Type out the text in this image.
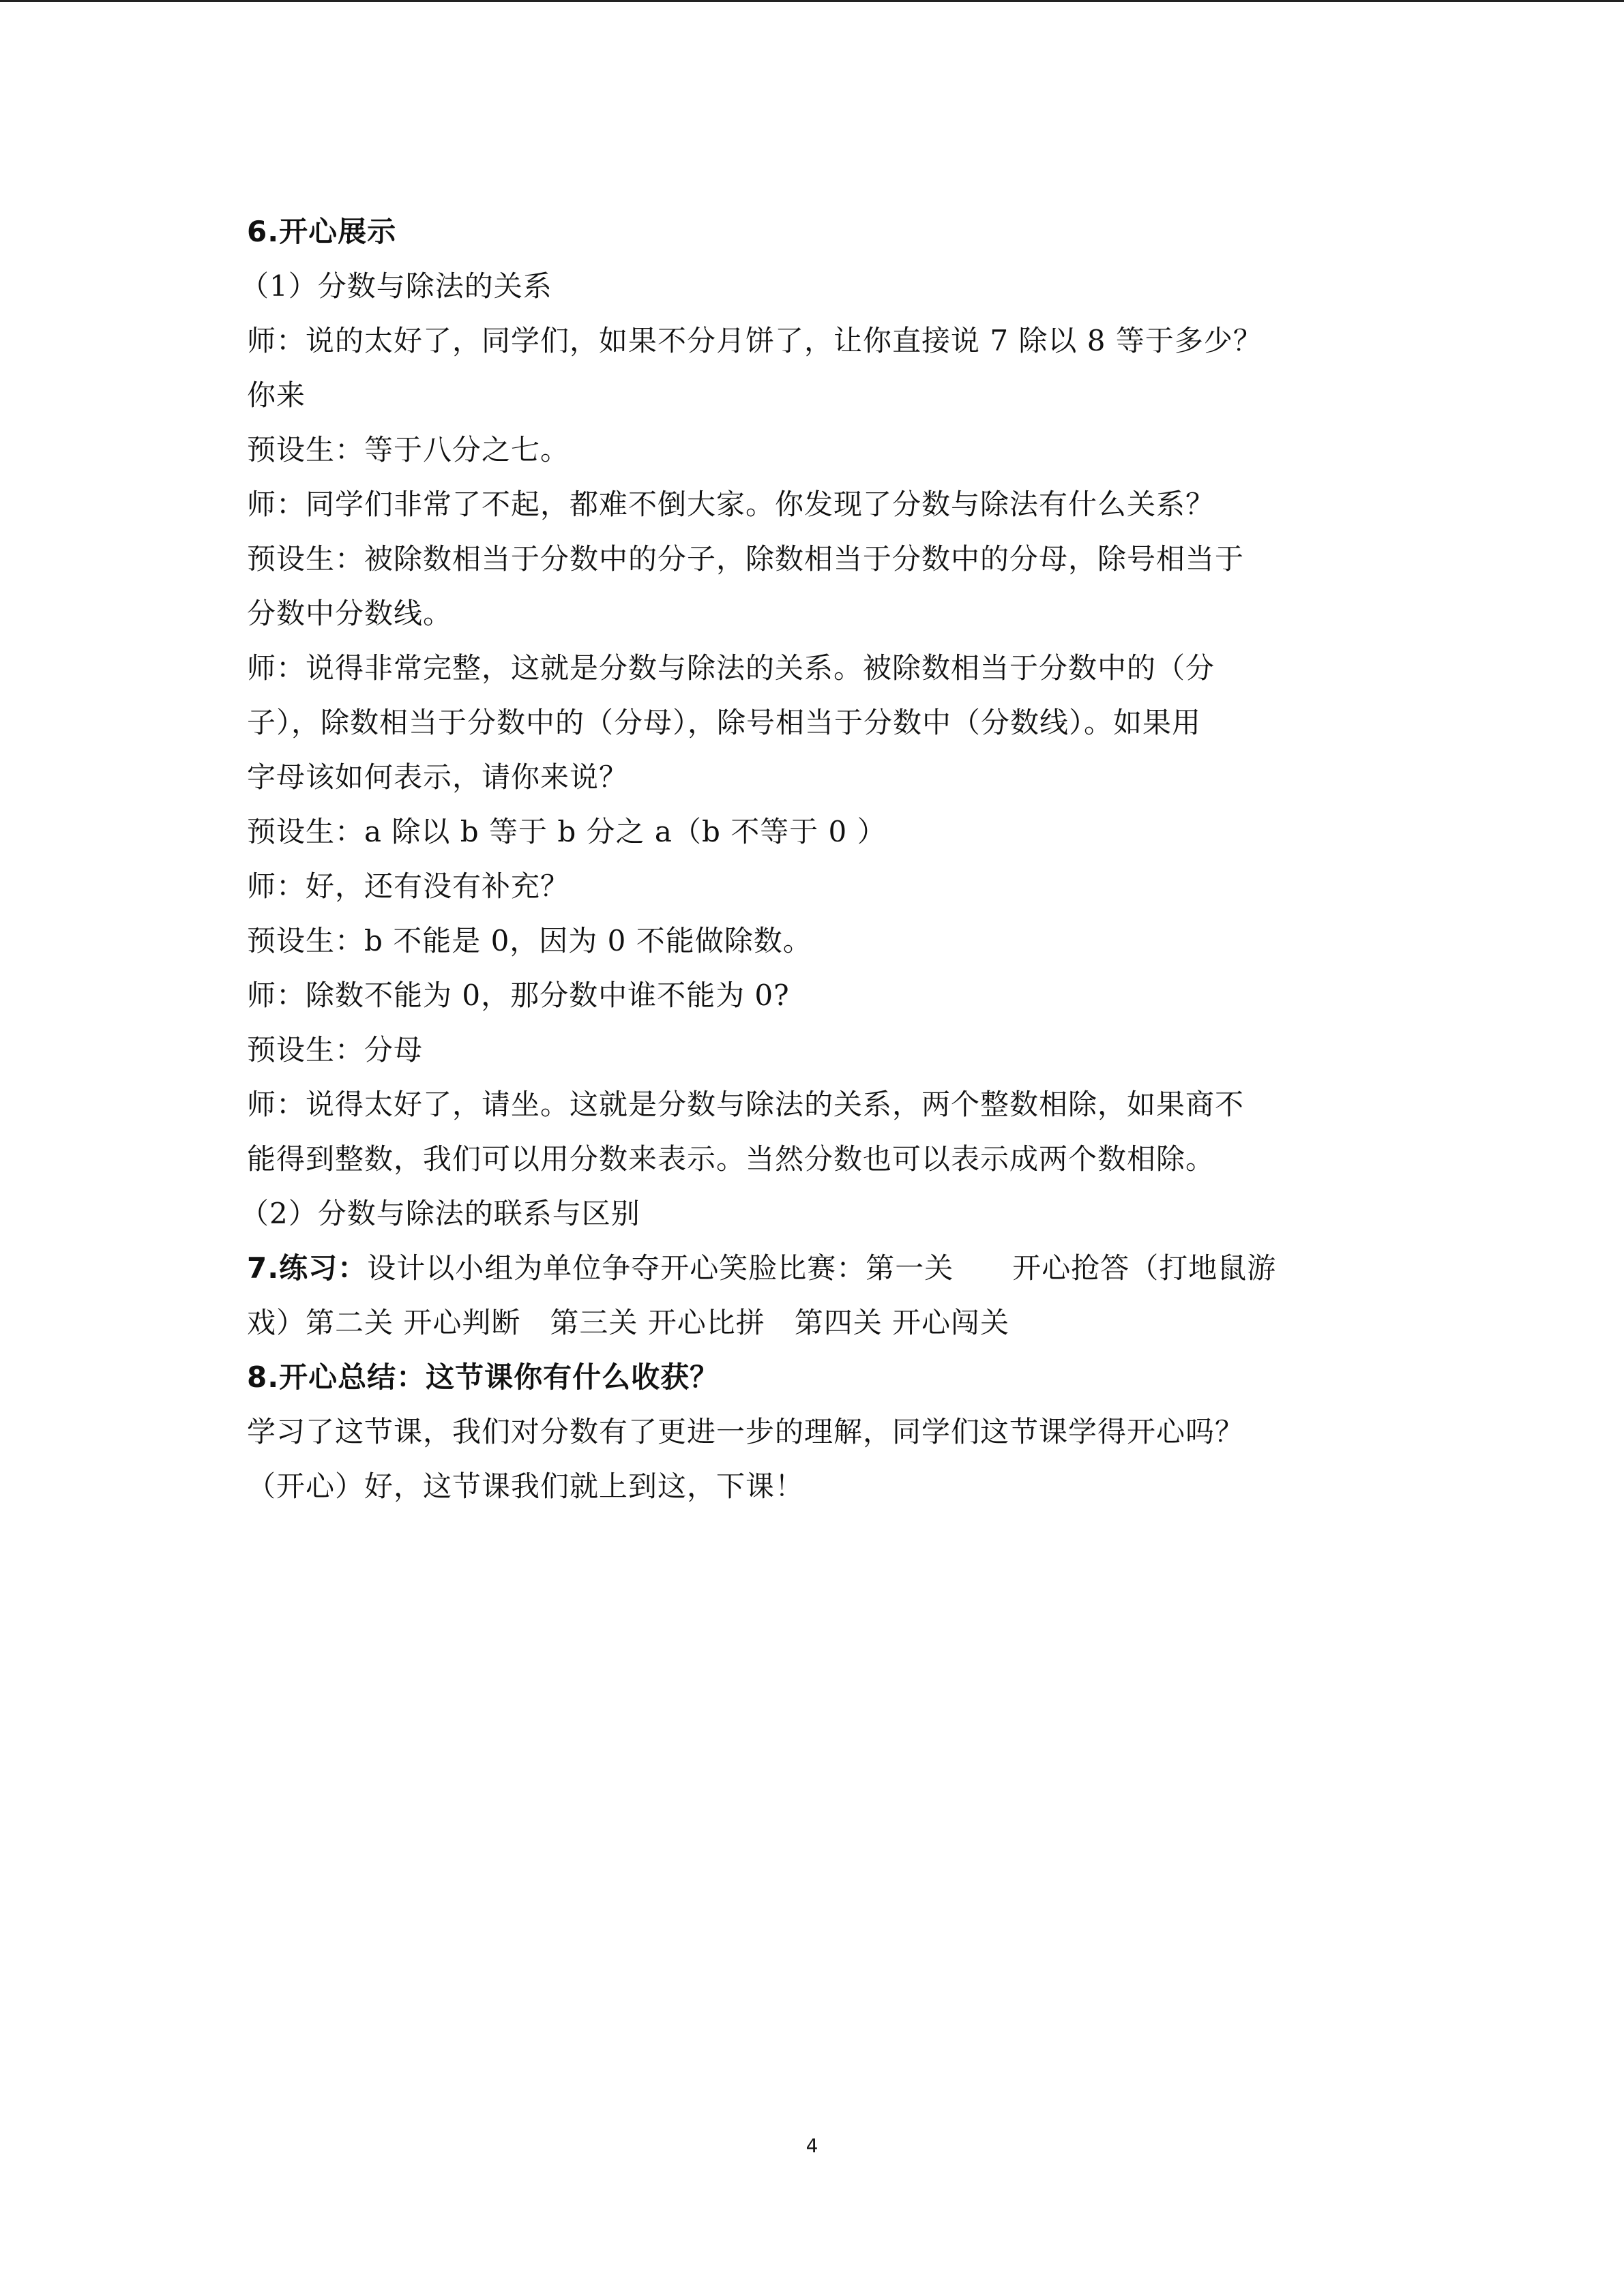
6.开心展示
（1）分数与除法的关系
师：说的太好了，同学们，如果不分月饼了，让你直接说 7 除以 8 等于多少？
你来
预设生：等于八分之七。
师：同学们非常了不起，都难不倒大家。你发现了分数与除法有什么关系？
预设生：被除数相当于分数中的分子，除数相当于分数中的分母，除号相当于
分数中分数线。
师：说得非常完整，这就是分数与除法的关系。被除数相当于分数中的（分
子），除数相当于分数中的（分母），除号相当于分数中（分数线）。如果用
字母该如何表示，请你来说？
预设生：a 除以 b 等于 b 分之 a（b 不等于 0 ）
师：好，还有没有补充？
预设生：b 不能是 0，因为 0 不能做除数。
师：除数不能为 0，那分数中谁不能为 0?
预设生：分母
师：说得太好了，请坐。这就是分数与除法的关系，两个整数相除，如果商不
能得到整数，我们可以用分数来表示。当然分数也可以表示成两个数相除。
（2）分数与除法的联系与区别
7.练习：设计以小组为单位争夺开心笑脸比赛：第一关　　开心抢答（打地鼠游
戏）第二关 开心判断　第三关 开心比拼　第四关 开心闯关
8.开心总结：这节课你有什么收获？
学习了这节课，我们对分数有了更进一步的理解，同学们这节课学得开心吗？
（开心）好，这节课我们就上到这，下课！
4
